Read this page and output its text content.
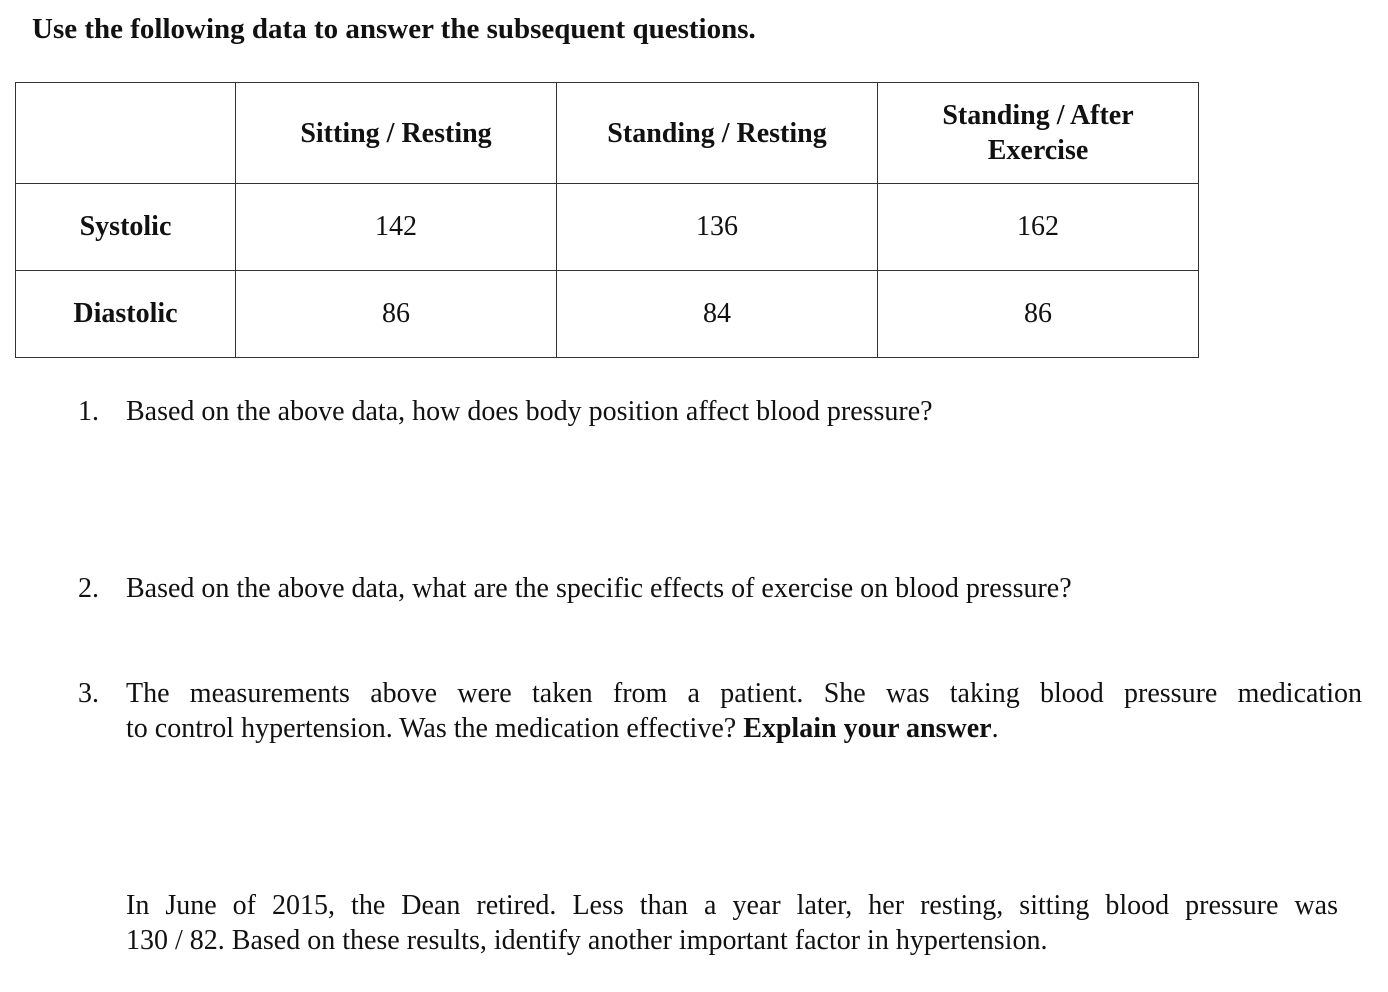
Use the following data to answer the subsequent questions.
	Sitting / Resting	Standing / Resting	Standing / After
Exercise
Systolic	142	136	162
Diastolic	86	84	86
1. Based on the above data, how does body position affect blood pressure?
2. Based on the above data, what are the specific effects of exercise on blood pressure?
3. The measurements above were taken from a patient. She was taking blood pressure medication
to control hypertension. Was the medication effective? Explain your answer.
In June of 2015, the Dean retired. Less than a year later, her resting, sitting blood pressure was
130 / 82. Based on these results, identify another important factor in hypertension.
